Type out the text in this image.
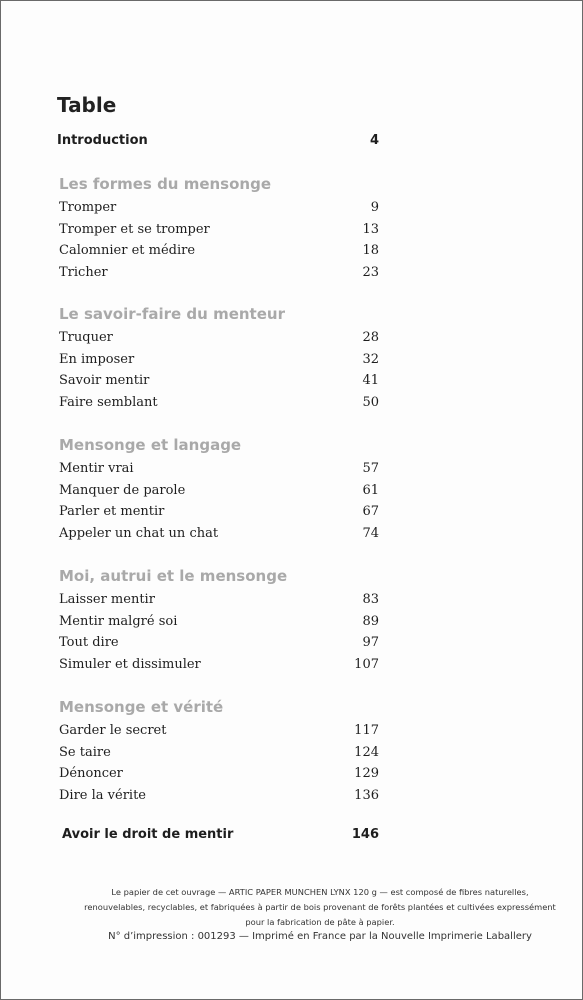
Table
Introduction	4
Les formes du mensonge
Tromper	9
Tromper et se tromper	13
Calomnier et médire	18
Tricher	23
Le savoir-faire du menteur
Truquer	28
En imposer	32
Savoir mentir	41
Faire semblant	50
Mensonge et langage
Mentir vrai	57
Manquer de parole	61
Parler et mentir	67
Appeler un chat un chat	74
Moi, autrui et le mensonge
Laisser mentir	83
Mentir malgré soi	89
Tout dire	97
Simuler et dissimuler	107
Mensonge et vérité
Garder le secret	117
Se taire	124
Dénoncer	129
Dire la vérite	136
Avoir le droit de mentir	146
Le papier de cet ouvrage — ARTIC PAPER MUNCHEN LYNX 120 g — est composé de fibres naturelles,
renouvelables, recyclables, et fabriquées à partir de bois provenant de forêts plantées et cultivées expressément
pour la fabrication de pâte à papier.
N° d’impression : 001293 — Imprimé en France par la Nouvelle Imprimerie Laballery
